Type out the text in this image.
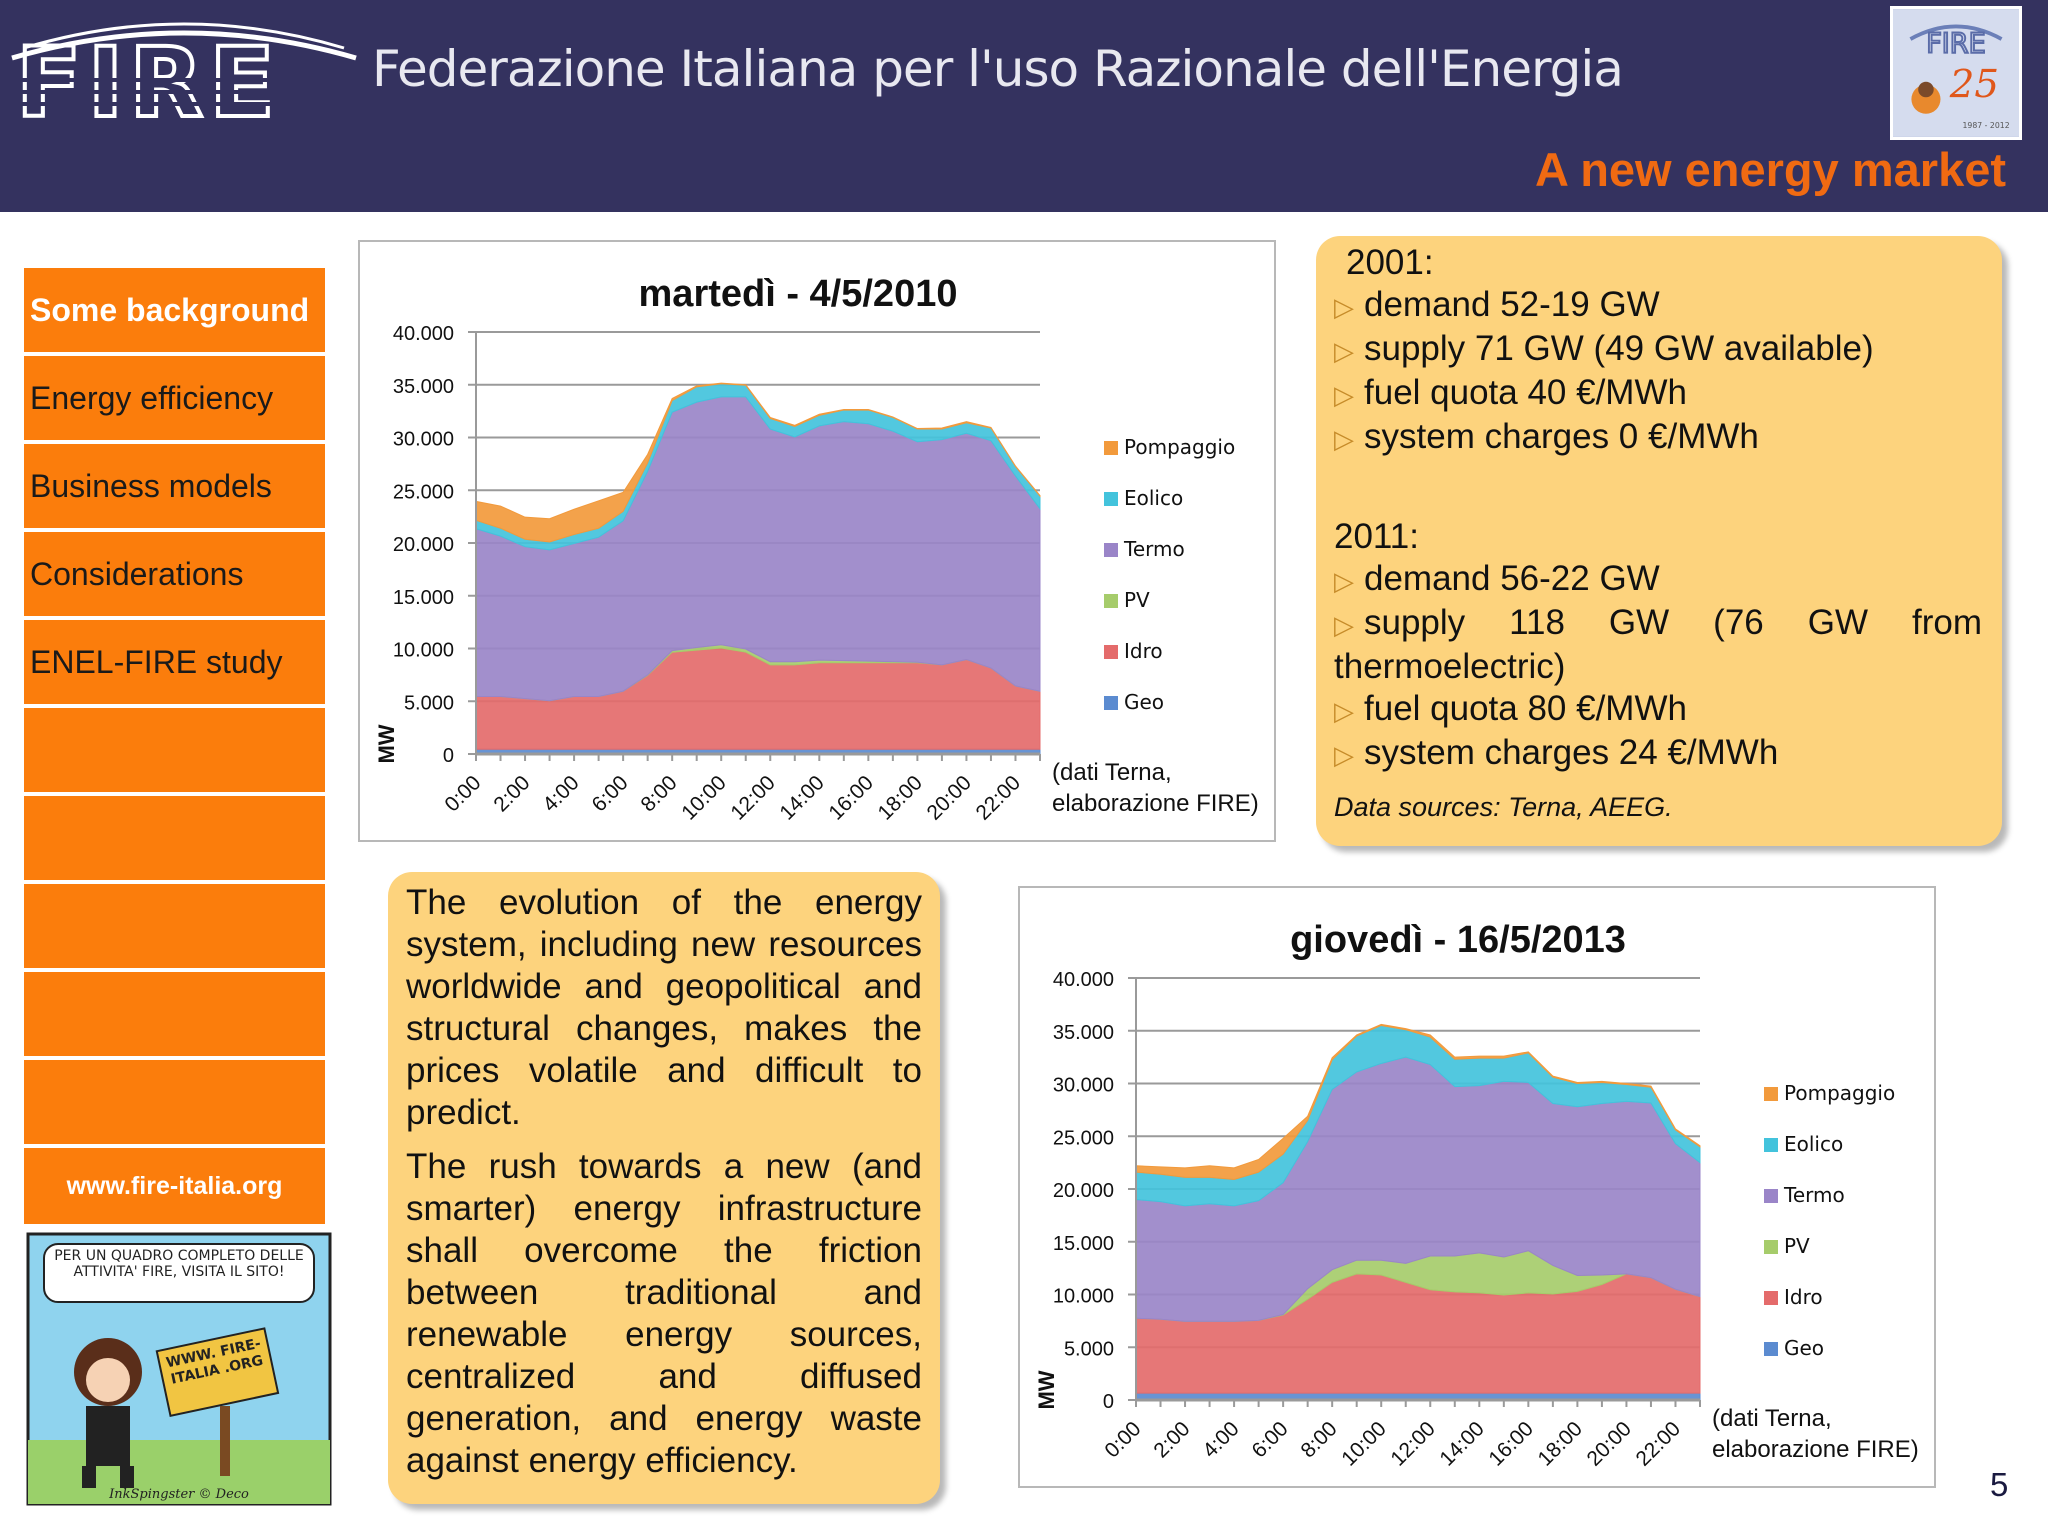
FIRE Federazione Italiana per l'uso Razionale dell'Energia	FIRE
25
1987 - 2012
A new energy market
Some background
Energy efficiency
Business models
Considerations
ENEL-FIRE study
www.fire-italia.org
PER UN QUADRO COMPLETO DELLE ATTIVITA' FIRE, VISITA IL SITO!
WWW. FIRE-ITALIA .ORG
InkSpingster © Deco
martedì - 4/5/2010
40.000
35.000
30.000
25.000
20.000
15.000
10.000
5.000
0
0:00 2:00 4:00 6:00 8:00
10:00
12:00
14:00
16:00
18:00
20:00
22:00
MW
Pompaggio
Eolico
Termo
PV
Idro
Geo
(dati Terna,
elaborazione FIRE)
giovedì - 16/5/2013
40.000
35.000
30.000
25.000
20.000
15.000
10.000
5.000
0
0:00 2:00 4:00 6:00 8:00
10:00
12:00
14:00
16:00
18:00
20:00
22:00
MW
Pompaggio
Eolico
Termo
PV
Idro
Geo
(dati Terna,
elaborazione FIRE)
2001:
▷ demand 52-19 GW
▷ supply 71 GW (49 GW available)
▷ fuel quota 40 €/MWh
▷ system charges 0 €/MWh
2011:
▷ demand 56-22 GW
▷ supply 118 GW (76 GW from thermoelectric)
▷ fuel quota 80 €/MWh
▷ system charges 24 €/MWh
Data sources: Terna, AEEG.

The evolution of the energy system, including new resources worldwide and geopolitical and structural changes, makes the prices volatile and difficult to predict.

The rush towards a new (and smarter) energy infrastructure shall overcome the friction between traditional and renewable energy sources, centralized and diffused generation, and energy waste against energy efficiency.

5
